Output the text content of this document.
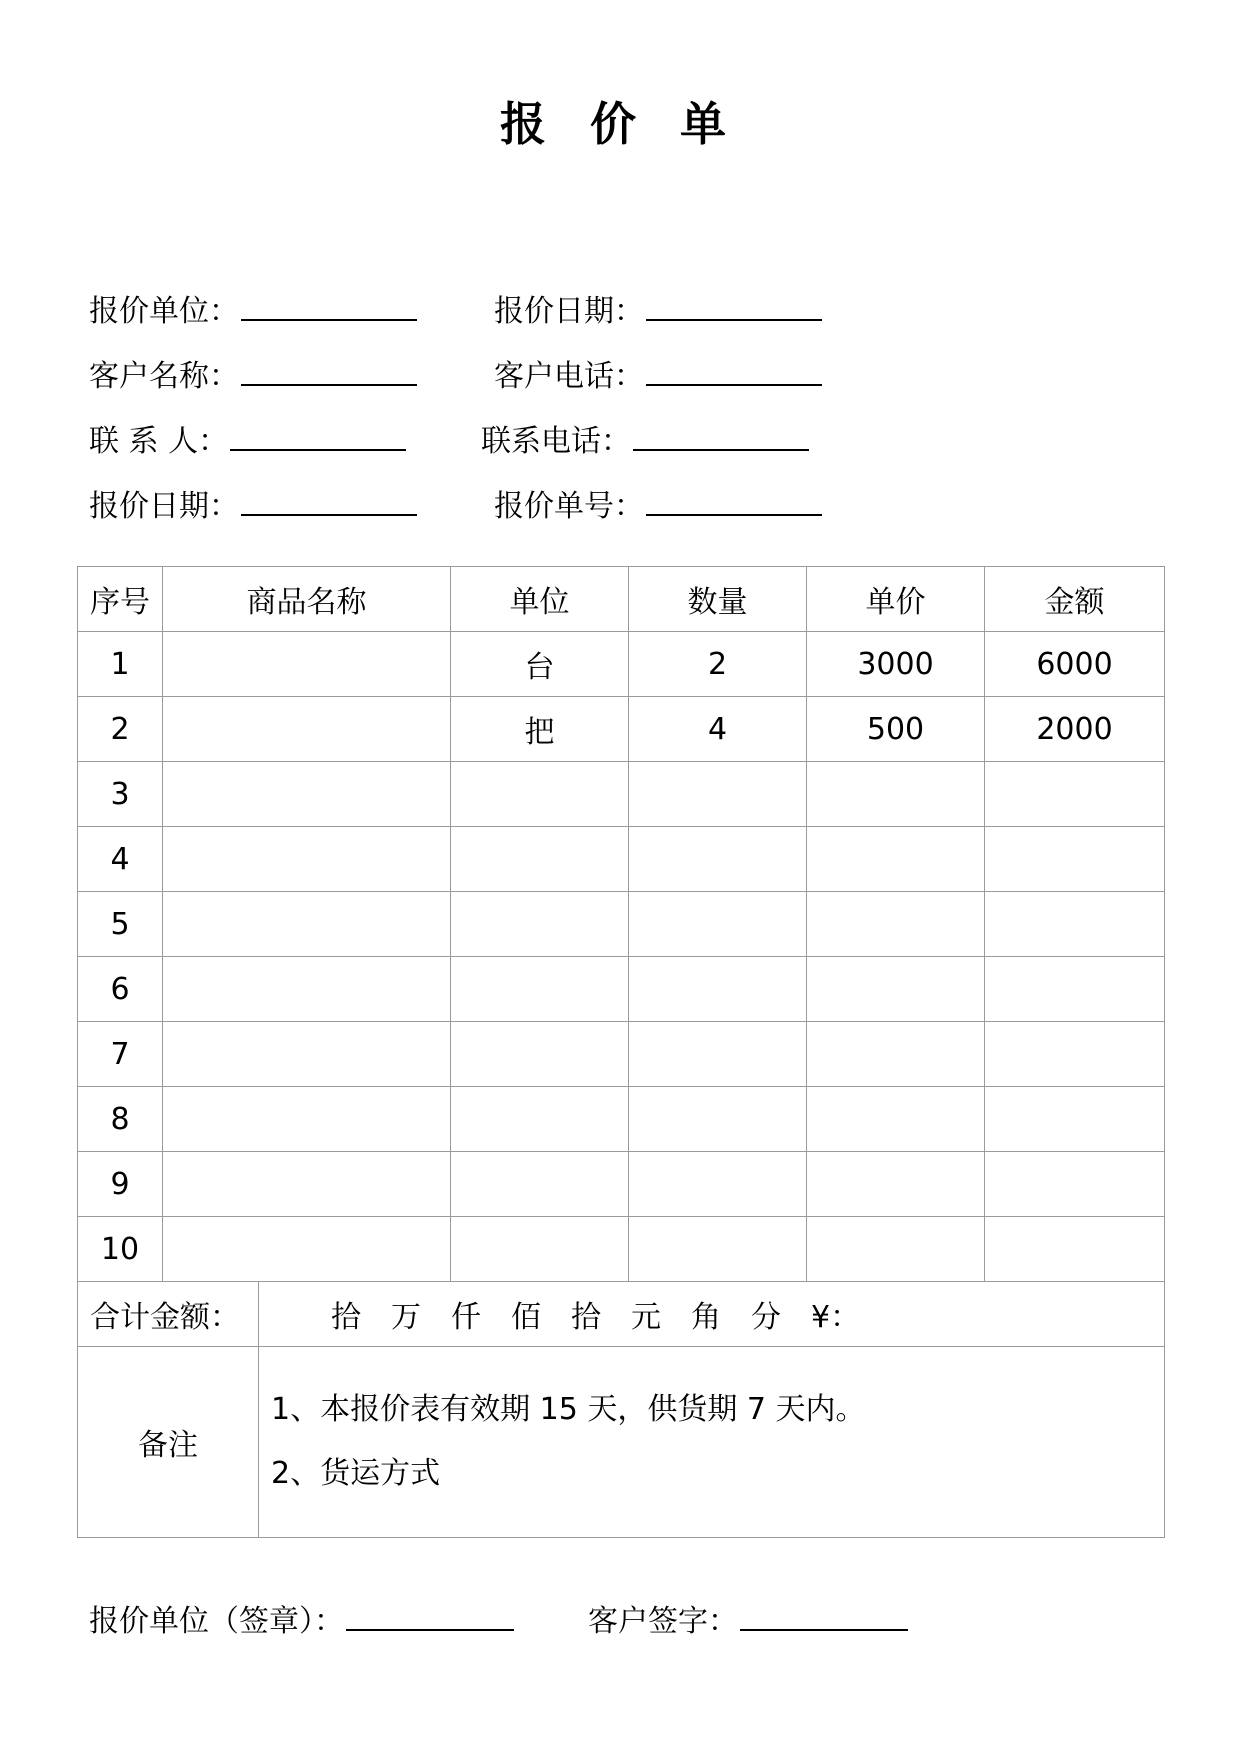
报 价 单
报价单位：	报价日期：
客户名称：	客户电话：
联 系 人：	联系电话：
报价日期：	报价单号：
序号	商品名称		单位	数量	单价	金额
1			台	2	3000	6000
2			把	4	500	2000
3						
4						
5						
6						
7						
8						
9						
10						
合计金额：		拾 万 仟 佰 拾 元 角 分 ¥：				
备注		1、本报价表有效期 15 天，供货期 7 天内。
2、货运方式				
报价单位（签章）：	客户签字：
